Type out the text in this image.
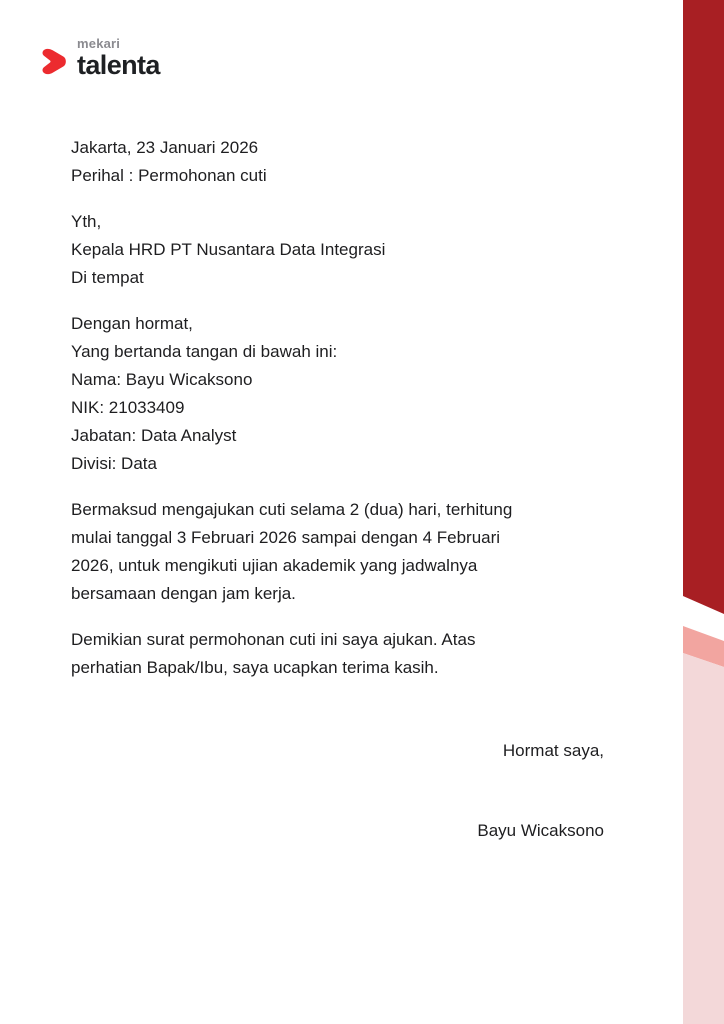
mekari
talenta
Jakarta, 23 Januari 2026
Perihal : Permohonan cuti
Yth,
Kepala HRD PT Nusantara Data Integrasi
Di tempat
Dengan hormat,
Yang bertanda tangan di bawah ini:
Nama: Bayu Wicaksono
NIK: 21033409
Jabatan: Data Analyst
Divisi: Data
Bermaksud mengajukan cuti selama 2 (dua) hari, terhitung
mulai tanggal 3 Februari 2026 sampai dengan 4 Februari
2026, untuk mengikuti ujian akademik yang jadwalnya
bersamaan dengan jam kerja.
Demikian surat permohonan cuti ini saya ajukan. Atas
perhatian Bapak/Ibu, saya ucapkan terima kasih.
Hormat saya,
Bayu Wicaksono
